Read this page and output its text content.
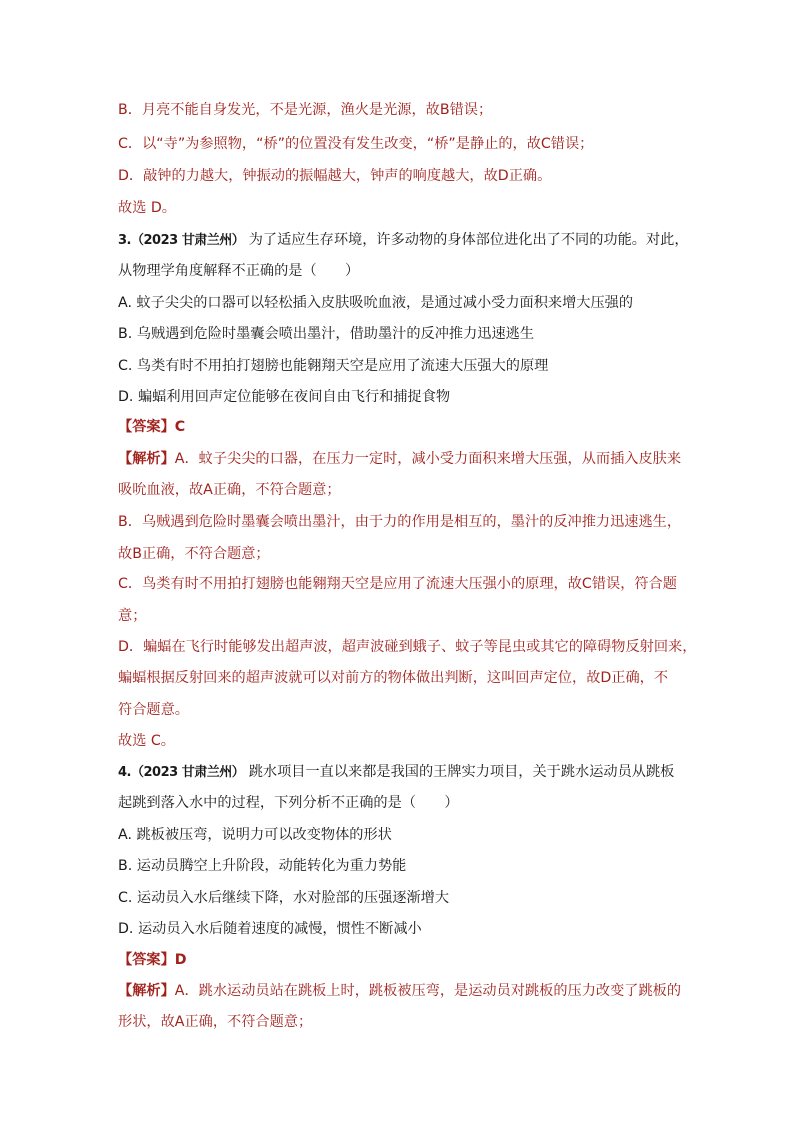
B．月亮不能自身发光，不是光源，渔火是光源，故B错误；
C．以“寺”为参照物，“桥”的位置没有发生改变，“桥”是静止的，故C错误；
D．敲钟的力越大，钟振动的振幅越大，钟声的响度越大，故D正确。
故选 D。
3.（2023 甘肃兰州） 为了适应生存环境，许多动物的身体部位进化出了不同的功能。对此，
从物理学角度解释不正确的是（　　）
A. 蚊子尖尖的口器可以轻松插入皮肤吸吮血液，是通过减小受力面积来增大压强的
B. 乌贼遇到危险时墨囊会喷出墨汁，借助墨汁的反冲推力迅速逃生
C. 鸟类有时不用拍打翅膀也能翱翔天空是应用了流速大压强大的原理
D. 蝙蝠利用回声定位能够在夜间自由飞行和捕捉食物
【答案】C
【解析】A．蚊子尖尖的口器，在压力一定时，减小受力面积来增大压强，从而插入皮肤来
吸吮血液，故A正确，不符合题意；
B．乌贼遇到危险时墨囊会喷出墨汁，由于力的作用是相互的，墨汁的反冲推力迅速逃生，
故B正确，不符合题意；
C．鸟类有时不用拍打翅膀也能翱翔天空是应用了流速大压强小的原理，故C错误，符合题
意；
D．蝙蝠在飞行时能够发出超声波，超声波碰到蛾子、蚊子等昆虫或其它的障碍物反射回来，
蝙蝠根据反射回来的超声波就可以对前方的物体做出判断，这叫回声定位，故D正确，不
符合题意。
故选 C。
4.（2023 甘肃兰州） 跳水项目一直以来都是我国的王牌实力项目，关于跳水运动员从跳板
起跳到落入水中的过程，下列分析不正确的是（　　）
A. 跳板被压弯，说明力可以改变物体的形状
B. 运动员腾空上升阶段，动能转化为重力势能
C. 运动员入水后继续下降，水对脸部的压强逐渐增大
D. 运动员入水后随着速度的减慢，惯性不断减小
【答案】D
【解析】A．跳水运动员站在跳板上时，跳板被压弯，是运动员对跳板的压力改变了跳板的
形状，故A正确，不符合题意；
